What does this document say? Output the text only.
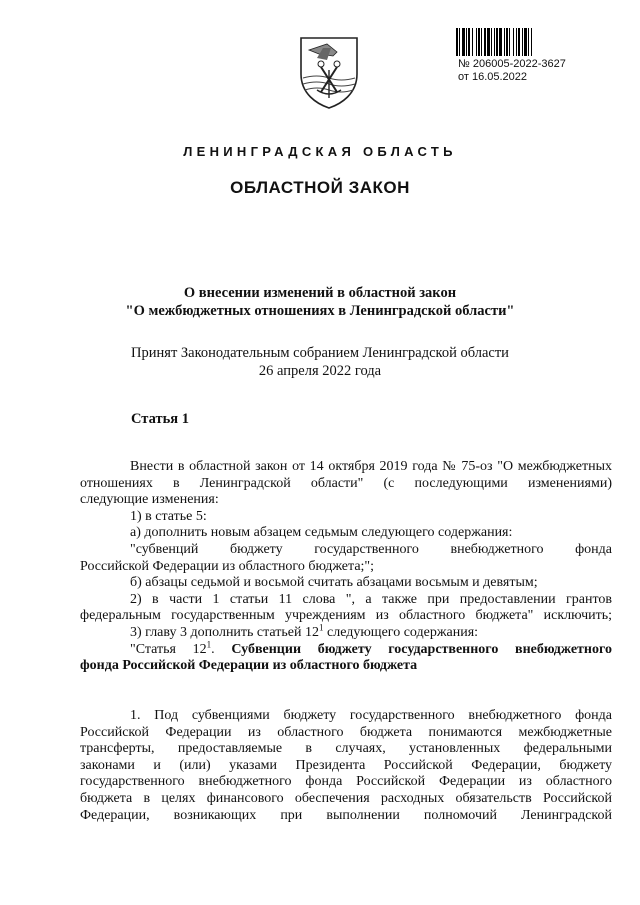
№ 206005-2022-3627
от 16.05.2022
ЛЕНИНГРАДСКАЯ ОБЛАСТЬ
ОБЛАСТНОЙ ЗАКОН
О внесении изменений в областной закон
"О межбюджетных отношениях в Ленинградской области"
Принят Законодательным собранием Ленинградской области
26 апреля 2022 года
Статья 1

Внести в областной закон от 14 октября 2019 года № 75-оз "О межбюджетных

отношениях в Ленинградской области" (с последующими изменениями)

следующие изменения:

1) в статье 5:

а) дополнить новым абзацем седьмым следующего содержания:

"субвенций бюджету государственного внебюджетного фонда

Российской Федерации из областного бюджета;";

б) абзацы седьмой и восьмой считать абзацами восьмым и девятым;

2) в части 1 статьи 11 слова ", а также при предоставлении грантов

федеральным государственным учреждениям из областного бюджета" исключить;

3) главу 3 дополнить статьей $12^1$ следующего содержания:

"Статья $12^1$. Субвенции бюджету государственного внебюджетного

фонда Российской Федерации из областного бюджета

1. Под субвенциями бюджету государственного внебюджетного фонда

Российской Федерации из областного бюджета понимаются межбюджетные

трансферты, предоставляемые в случаях, установленных федеральными

законами и (или) указами Президента Российской Федерации, бюджету

государственного внебюджетного фонда Российской Федерации из областного

бюджета в целях финансового обеспечения расходных обязательств Российской

Федерации, возникающих при выполнении полномочий Ленинградской
